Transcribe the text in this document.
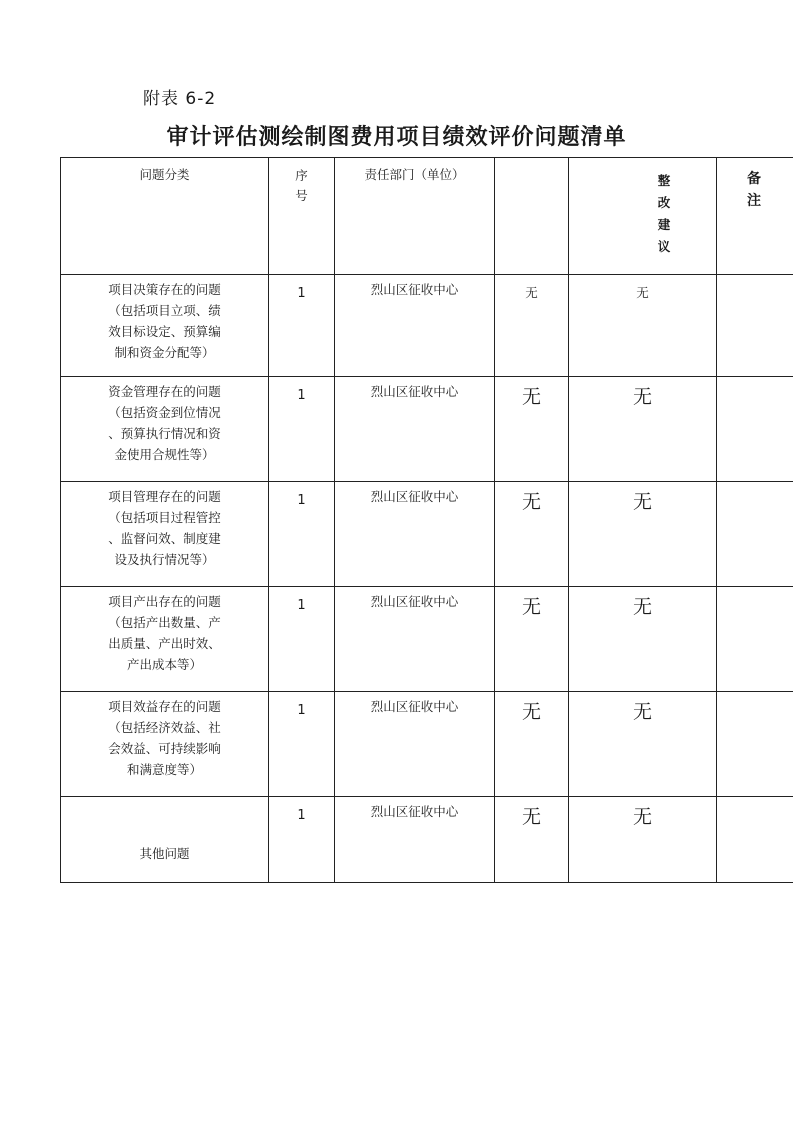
附表 6-2
审计评估测绘制图费用项目绩效评价问题清单
问题分类	序号	责任部门（单位）		整改建议	备注

项目决策存在的问题
（包括项目立项、绩
效目标设定、预算编
制和资金分配等）	1	烈山区征收中心	无	无	

资金管理存在的问题
（包括资金到位情况
、预算执行情况和资
金使用合规性等）	1	烈山区征收中心	无	无	

项目管理存在的问题
（包括项目过程管控
、监督问效、制度建
设及执行情况等）	1	烈山区征收中心	无	无	

项目产出存在的问题
（包括产出数量、产
出质量、产出时效、
产出成本等）	1	烈山区征收中心	无	无	

项目效益存在的问题
（包括经济效益、社
会效益、可持续影响
和满意度等）	1	烈山区征收中心	无	无	

其他问题	1	烈山区征收中心	无	无	
